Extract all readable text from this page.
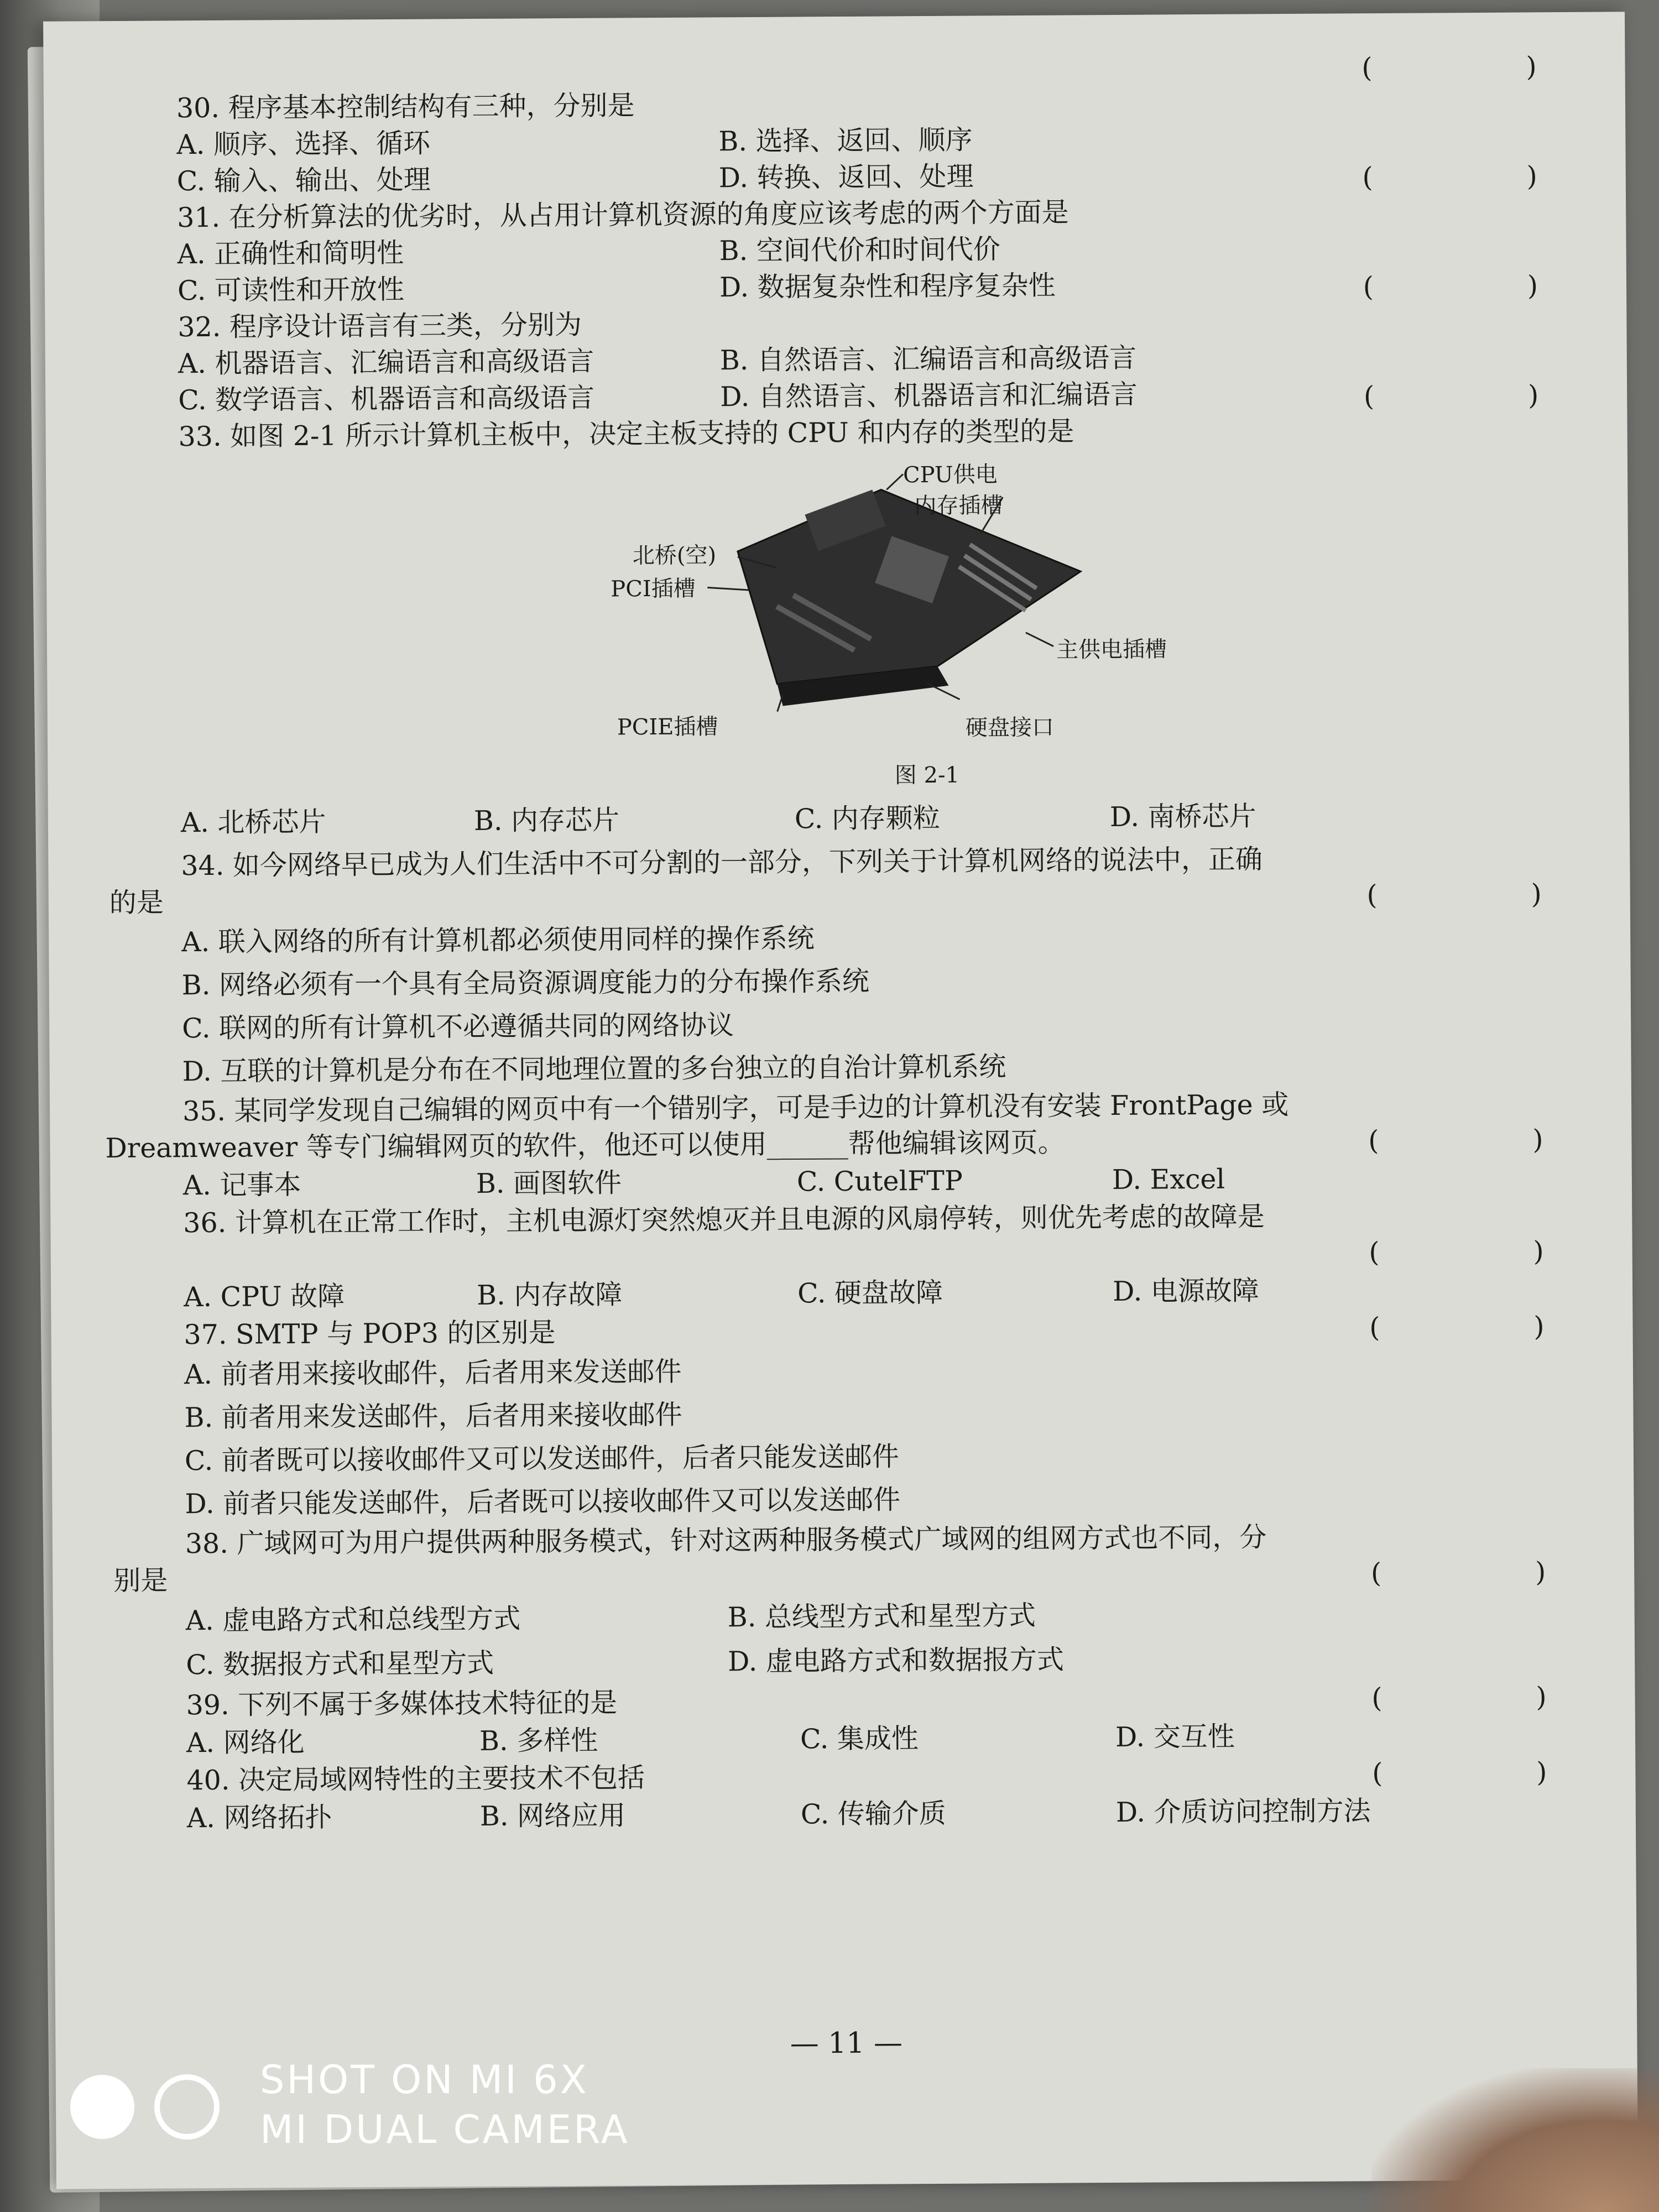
(　　)
30. 程序基本控制结构有三种，分别是
A. 顺序、选择、循环	B. 选择、返回、顺序
C. 输入、输出、处理	D. 转换、返回、处理	(　　)
31. 在分析算法的优劣时，从占用计算机资源的角度应该考虑的两个方面是
A. 正确性和简明性	B. 空间代价和时间代价
C. 可读性和开放性	D. 数据复杂性和程序复杂性	(　　)
32. 程序设计语言有三类，分别为
A. 机器语言、汇编语言和高级语言	B. 自然语言、汇编语言和高级语言
C. 数学语言、机器语言和高级语言	D. 自然语言、机器语言和汇编语言	(　　)
33. 如图 2-1 所示计算机主板中，决定主板支持的 CPU 和内存的类型的是
CPU供电
内存插槽
北桥(空)
PCI插槽
主供电插槽
PCIE插槽	硬盘接口
图 2-1
A. 北桥芯片	B. 内存芯片	C. 内存颗粒	D. 南桥芯片
34. 如今网络早已成为人们生活中不可分割的一部分，下列关于计算机网络的说法中，正确
的是	(　　)
A. 联入网络的所有计算机都必须使用同样的操作系统
B. 网络必须有一个具有全局资源调度能力的分布操作系统
C. 联网的所有计算机不必遵循共同的网络协议
D. 互联的计算机是分布在不同地理位置的多台独立的自治计算机系统
35. 某同学发现自己编辑的网页中有一个错别字，可是手边的计算机没有安装 FrontPage 或
Dreamweaver 等专门编辑网页的软件，他还可以使用______帮他编辑该网页。	(　　)
A. 记事本	B. 画图软件	C. CutelFTP	D. Excel
36. 计算机在正常工作时，主机电源灯突然熄灭并且电源的风扇停转，则优先考虑的故障是
(　　)
A. CPU 故障	B. 内存故障	C. 硬盘故障	D. 电源故障
37. SMTP 与 POP3 的区别是	(　　)
A. 前者用来接收邮件，后者用来发送邮件
B. 前者用来发送邮件，后者用来接收邮件
C. 前者既可以接收邮件又可以发送邮件，后者只能发送邮件
D. 前者只能发送邮件，后者既可以接收邮件又可以发送邮件
38. 广域网可为用户提供两种服务模式，针对这两种服务模式广域网的组网方式也不同，分
别是	(　　)
A. 虚电路方式和总线型方式	B. 总线型方式和星型方式
C. 数据报方式和星型方式	D. 虚电路方式和数据报方式
39. 下列不属于多媒体技术特征的是	(　　)
A. 网络化	B. 多样性	C. 集成性	D. 交互性
40. 决定局域网特性的主要技术不包括	(　　)
A. 网络拓扑	B. 网络应用	C. 传输介质	D. 介质访问控制方法
— 11 —
SHOT ON MI 6X
MI DUAL CAMERA
